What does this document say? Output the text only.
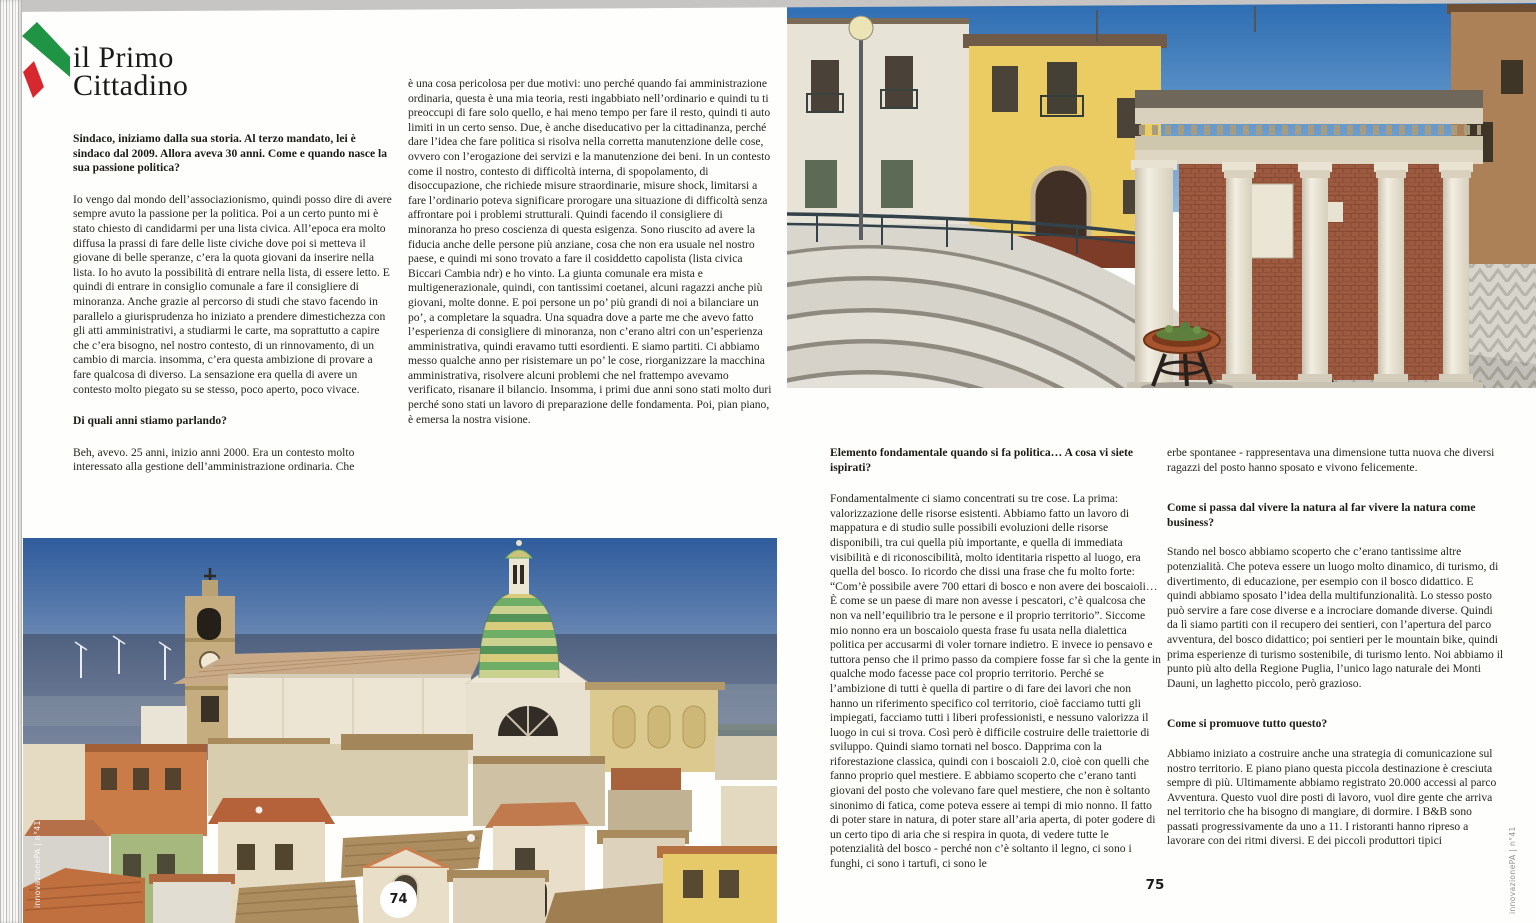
il Primo
Cittadino

Sindaco, iniziamo dalla sua storia. Al terzo mandato, lei è sindaco dal 2009. Allora aveva 30 anni. Come e quando nasce la sua passione politica?

Io vengo dal mondo dell’associazionismo, quindi posso dire di avere sempre avuto la passione per la politica. Poi a un certo punto mi è stato chiesto di candidarmi per una lista civica. All’epoca era molto diffusa la prassi di fare delle liste civiche dove poi si metteva il giovane di belle speranze, c’era la quota giovani da inserire nella lista. Io ho avuto la possibilità di entrare nella lista, di essere letto. E quindi di entrare in consiglio comunale a fare il consigliere di minoranza. Anche grazie al percorso di studi che stavo facendo in parallelo a giurisprudenza ho iniziato a prendere dimestichezza con gli atti amministrativi, a studiarmi le carte, ma soprattutto a capire che c’era bisogno, nel nostro contesto, di un rinnovamento, di un cambio di marcia. insomma, c’era questa ambizione di provare a fare qualcosa di diverso. La sensazione era quella di avere un contesto molto piegato su se stesso, poco aperto, poco vivace.

Di quali anni stiamo parlando?

Beh, avevo. 25 anni, inizio anni 2000. Era un contesto molto interessato alla gestione dell’amministrazione ordinaria. Che

è una cosa pericolosa per due motivi: uno perché quando fai amministrazione ordinaria, questa è una mia teoria, resti ingabbiato nell’ordinario e quindi tu ti preoccupi di fare solo quello, e hai meno tempo per fare il resto, quindi ti auto limiti in un certo senso. Due, è anche diseducativo per la cittadinanza, perché dare l’idea che fare politica si risolva nella corretta manutenzione delle cose, ovvero con l’erogazione dei servizi e la manutenzione dei beni. In un contesto come il nostro, contesto di difficoltà interna, di spopolamento, di disoccupazione, che richiede misure straordinarie, misure shock, limitarsi a fare l’ordinario poteva significare prorogare una situazione di difficoltà senza affrontare poi i problemi strutturali. Quindi facendo il consigliere di minoranza ho preso coscienza di questa esigenza. Sono riuscito ad avere la fiducia anche delle persone più anziane, cosa che non era usuale nel nostro paese, e quindi mi sono trovato a fare il cosiddetto capolista (lista civica Biccari Cambia ndr) e ho vinto. La giunta comunale era mista e multigenerazionale, quindi, con tantissimi coetanei, alcuni ragazzi anche più giovani, molte donne. E poi persone un po’ più grandi di noi a bilanciare un po’, a completare la squadra. Una squadra dove a parte me che avevo fatto l’esperienza di consigliere di minoranza, non c’erano altri con un’esperienza amministrativa, quindi eravamo tutti esordienti. E siamo partiti. Ci abbiamo messo qualche anno per risistemare un po’ le cose, riorganizzare la macchina amministrativa, risolvere alcuni problemi che nel frattempo avevamo verificato, risanare il bilancio. Insomma, i primi due anni sono stati molto duri perché sono stati un lavoro di preparazione delle fondamenta. Poi, pian piano, è emersa la nostra visione.

Elemento fondamentale quando si fa politica… A cosa vi siete ispirati?

Fondamentalmente ci siamo concentrati su tre cose. La prima: valorizzazione delle risorse esistenti. Abbiamo fatto un lavoro di mappatura e di studio sulle possibili evoluzioni delle risorse disponibili, tra cui quella più importante, e quella di immediata visibilità e di riconoscibilità, molto identitaria rispetto al luogo, era quella del bosco. Io ricordo che dissi una frase che fu molto forte: “Com’è possibile avere 700 ettari di bosco e non avere dei boscaioli… È come se un paese di mare non avesse i pescatori, c’è qualcosa che non va nell’equilibrio tra le persone e il proprio territorio”. Siccome mio nonno era un boscaiolo questa frase fu usata nella dialettica politica per accusarmi di voler tornare indietro. E invece io pensavo e tuttora penso che il primo passo da compiere fosse far sì che la gente in qualche modo facesse pace col proprio territorio. Perché se l’ambizione di tutti è quella di partire o di fare dei lavori che non hanno un riferimento specifico col territorio, cioè facciamo tutti gli impiegati, facciamo tutti i liberi professionisti, e nessuno valorizza il luogo in cui si trova. Così però è difficile costruire delle traiettorie di sviluppo. Quindi siamo tornati nel bosco. Dapprima con la riforestazione classica, quindi con i boscaioli 2.0, cioè con quelli che fanno proprio quel mestiere. E abbiamo scoperto che c’erano tanti giovani del posto che volevano fare quel mestiere, che non è soltanto sinonimo di fatica, come poteva essere ai tempi di mio nonno. Il fatto di poter stare in natura, di poter stare all’aria aperta, di poter godere di un certo tipo di aria che si respira in quota, di vedere tutte le potenzialità del bosco - perché non c’è soltanto il legno, ci sono i funghi, ci sono i tartufi, ci sono le

erbe spontanee - rappresentava una dimensione tutta nuova che diversi ragazzi del posto hanno sposato e vivono felicemente.

Come si passa dal vivere la natura al far vivere la natura come business?

Stando nel bosco abbiamo scoperto che c’erano tantissime altre potenzialità. Che poteva essere un luogo molto dinamico, di turismo, di divertimento, di educazione, per esempio con il bosco didattico. E quindi abbiamo sposato l’idea della multifunzionalità. Lo stesso posto può servire a fare cose diverse e a incrociare domande diverse. Quindi da lì siamo partiti con il recupero dei sentieri, con l’apertura del parco avventura, del bosco didattico; poi sentieri per le mountain bike, quindi prima esperienze di turismo sostenibile, di turismo lento. Noi abbiamo il punto più alto della Regione Puglia, l’unico lago naturale dei Monti Dauni, un laghetto piccolo, però grazioso.

Come si promuove tutto questo?

Abbiamo iniziato a costruire anche una strategia di comunicazione sul nostro territorio. E piano piano questa piccola destinazione è cresciuta sempre di più. Ultimamente abbiamo registrato 20.000 accessi al parco Avventura. Questo vuol dire posti di lavoro, vuol dire gente che arriva nel territorio che ha bisogno di mangiare, di dormire. I B&B sono passati progressivamente da uno a 11. I ristoranti hanno ripreso a lavorare con dei ritmi diversi. E dei piccoli produttori tipici

74
75
innovazionePA | n°41	innovazionePA | n°41
